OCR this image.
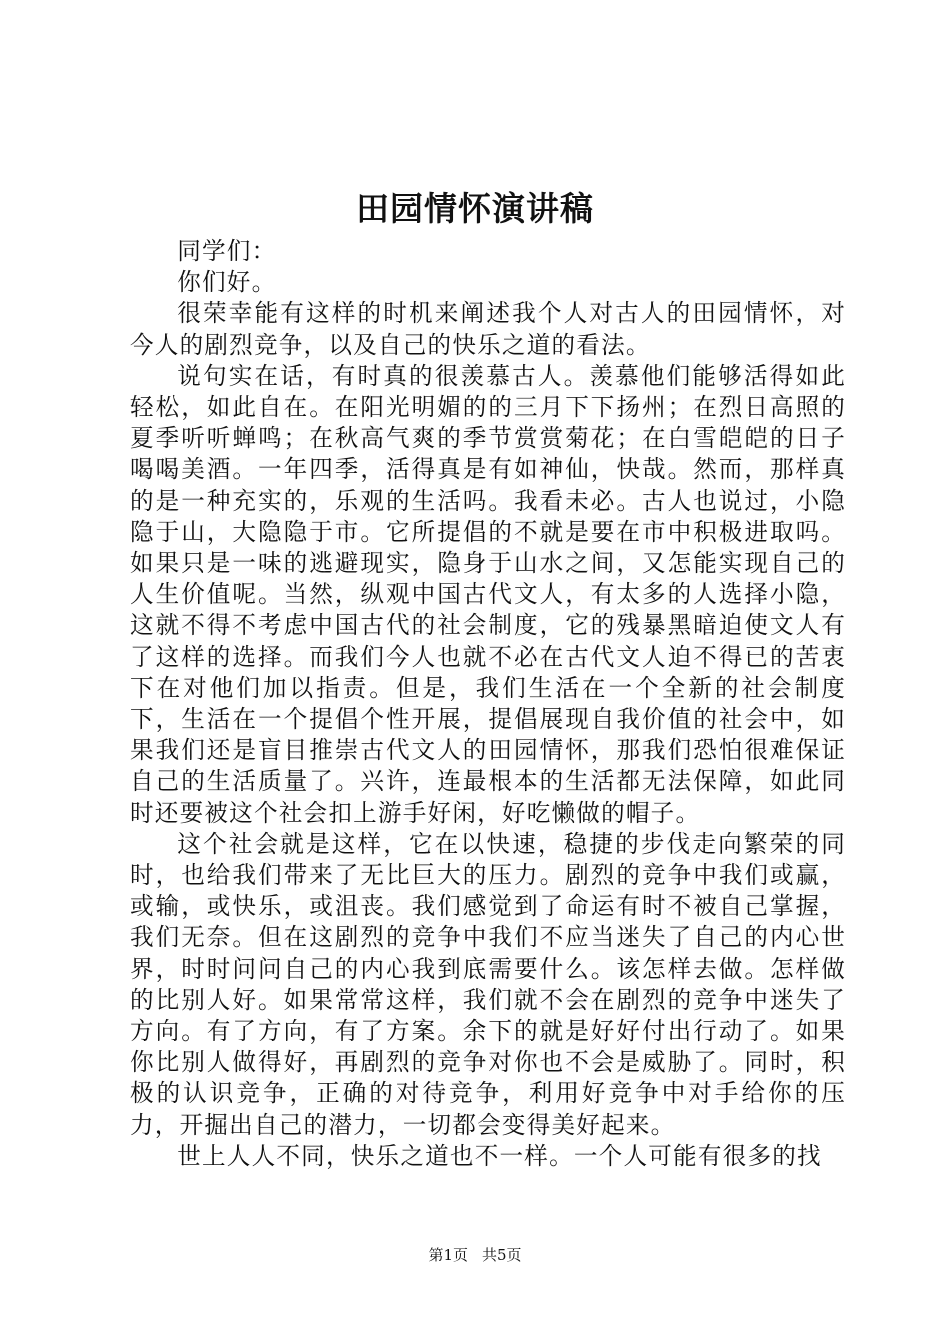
田园情怀演讲稿

同学们：

你们好。

很荣幸能有这样的时机来阐述我个人对古人的田园情怀，对今人的剧烈竞争，以及自己的快乐之道的看法。

说句实在话，有时真的很羡慕古人。羡慕他们能够活得如此轻松，如此自在。在阳光明媚的的三月下下扬州；在烈日高照的夏季听听蝉鸣；在秋高气爽的季节赏赏菊花；在白雪皑皑的日子喝喝美酒。一年四季，活得真是有如神仙，快哉。然而，那样真的是一种充实的，乐观的生活吗。我看未必。古人也说过，小隐隐于山，大隐隐于市。它所提倡的不就是要在市中积极进取吗。如果只是一味的逃避现实，隐身于山水之间，又怎能实现自己的人生价值呢。当然，纵观中国古代文人，有太多的人选择小隐，这就不得不考虑中国古代的社会制度，它的残暴黑暗迫使文人有了这样的选择。而我们今人也就不必在古代文人迫不得已的苦衷下在对他们加以指责。但是，我们生活在一个全新的社会制度下，生活在一个提倡个性开展，提倡展现自我价值的社会中，如果我们还是盲目推崇古代文人的田园情怀，那我们恐怕很难保证自己的生活质量了。兴许，连最根本的生活都无法保障，如此同时还要被这个社会扣上游手好闲，好吃懒做的帽子。

这个社会就是这样，它在以快速，稳捷的步伐走向繁荣的同时，也给我们带来了无比巨大的压力。剧烈的竞争中我们或赢，或输，或快乐，或沮丧。我们感觉到了命运有时不被自己掌握，我们无奈。但在这剧烈的竞争中我们不应当迷失了自己的内心世界，时时问问自己的内心我到底需要什么。该怎样去做。怎样做的比别人好。如果常常这样，我们就不会在剧烈的竞争中迷失了方向。有了方向，有了方案。余下的就是好好付出行动了。如果你比别人做得好，再剧烈的竞争对你也不会是威胁了。同时，积极的认识竞争，正确的对待竞争，利用好竞争中对手给你的压力，开掘出自己的潜力，一切都会变得美好起来。

世上人人不同，快乐之道也不一样。一个人可能有很多的找

第1页 共5页
